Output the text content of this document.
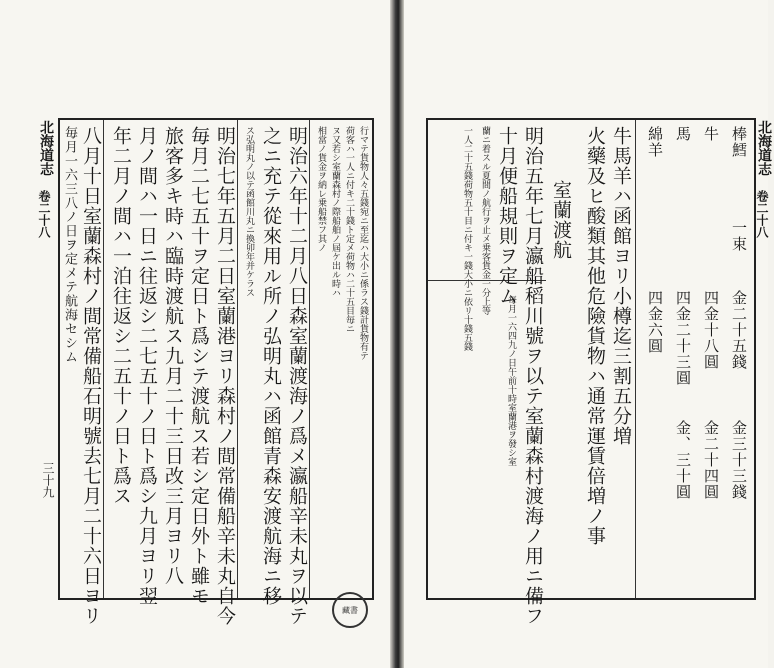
行マテ貨物人々五錢宛ニ至迄ハ大小ニ係ラス錢計貨物有テ
荷客ハ一人ニ付キ二十錢ト定メ荷物ハ二十五目毎ニ
ヌ又若シ室蘭森村ノ際船舶ノ屆ケ出ル時ハ
相當ノ貨金ヲ納レ乗船禁フ其ノ
明治六年十二月八日森室蘭渡海ノ爲メ瀛船辛未丸ヲ以テ
之ニ充テ從來用ル所ノ弘明丸ハ函館青森安渡航海ニ移
ス弘明丸ノ以テ函館川丸ニ換卯年并ケラス
明治七年五月二日室蘭港ヨリ森村ノ間常備船辛未丸自今
毎月二七五十ヲ定日ト爲シテ渡航ス若シ定日外ト雖モ
旅客多キ時ハ臨時渡航ス九月二十三日改三月ヨリ八
月ノ間ハ一日ニ往返シ二七五十ノ日ト爲シ九月ヨリ翌
年二月ノ間ハ一泊往返シ二五十ノ日ト爲ス
八月十日室蘭森村ノ間常備船石明號去七月二十六日ヨリ
毎月一六三八ノ日ヲ定メテ航海セシム
北海道志
卷二十八
三十九
藏書
棒鱈
牛
馬
綿羊
一束
金二十五錢
金三十三錢
四金十八圓
金二十四圓
四金二十三圓
金、三十圓
四金六圓
牛馬羊ハ函館ヨリ小樽迄三割五分増
火藥及ヒ酸類其他危險貨物ハ通常運賃倍増ノ事
室蘭渡航
明治五年七月瀛船稻川號ヲ以テ室蘭森村渡海ノ用ニ備フ
十月便船規則ヲ定ム
每月一六四九ノ日午前十時室蘭港ヲ發シ室
蘭ニ着スル夏間ノ航行ヲ止メ乗客貨金一分上等
一人二十五錢荷物五十目ニ付キ一錢大小ニ依リ十錢五錢	北海道志
卷二十八
